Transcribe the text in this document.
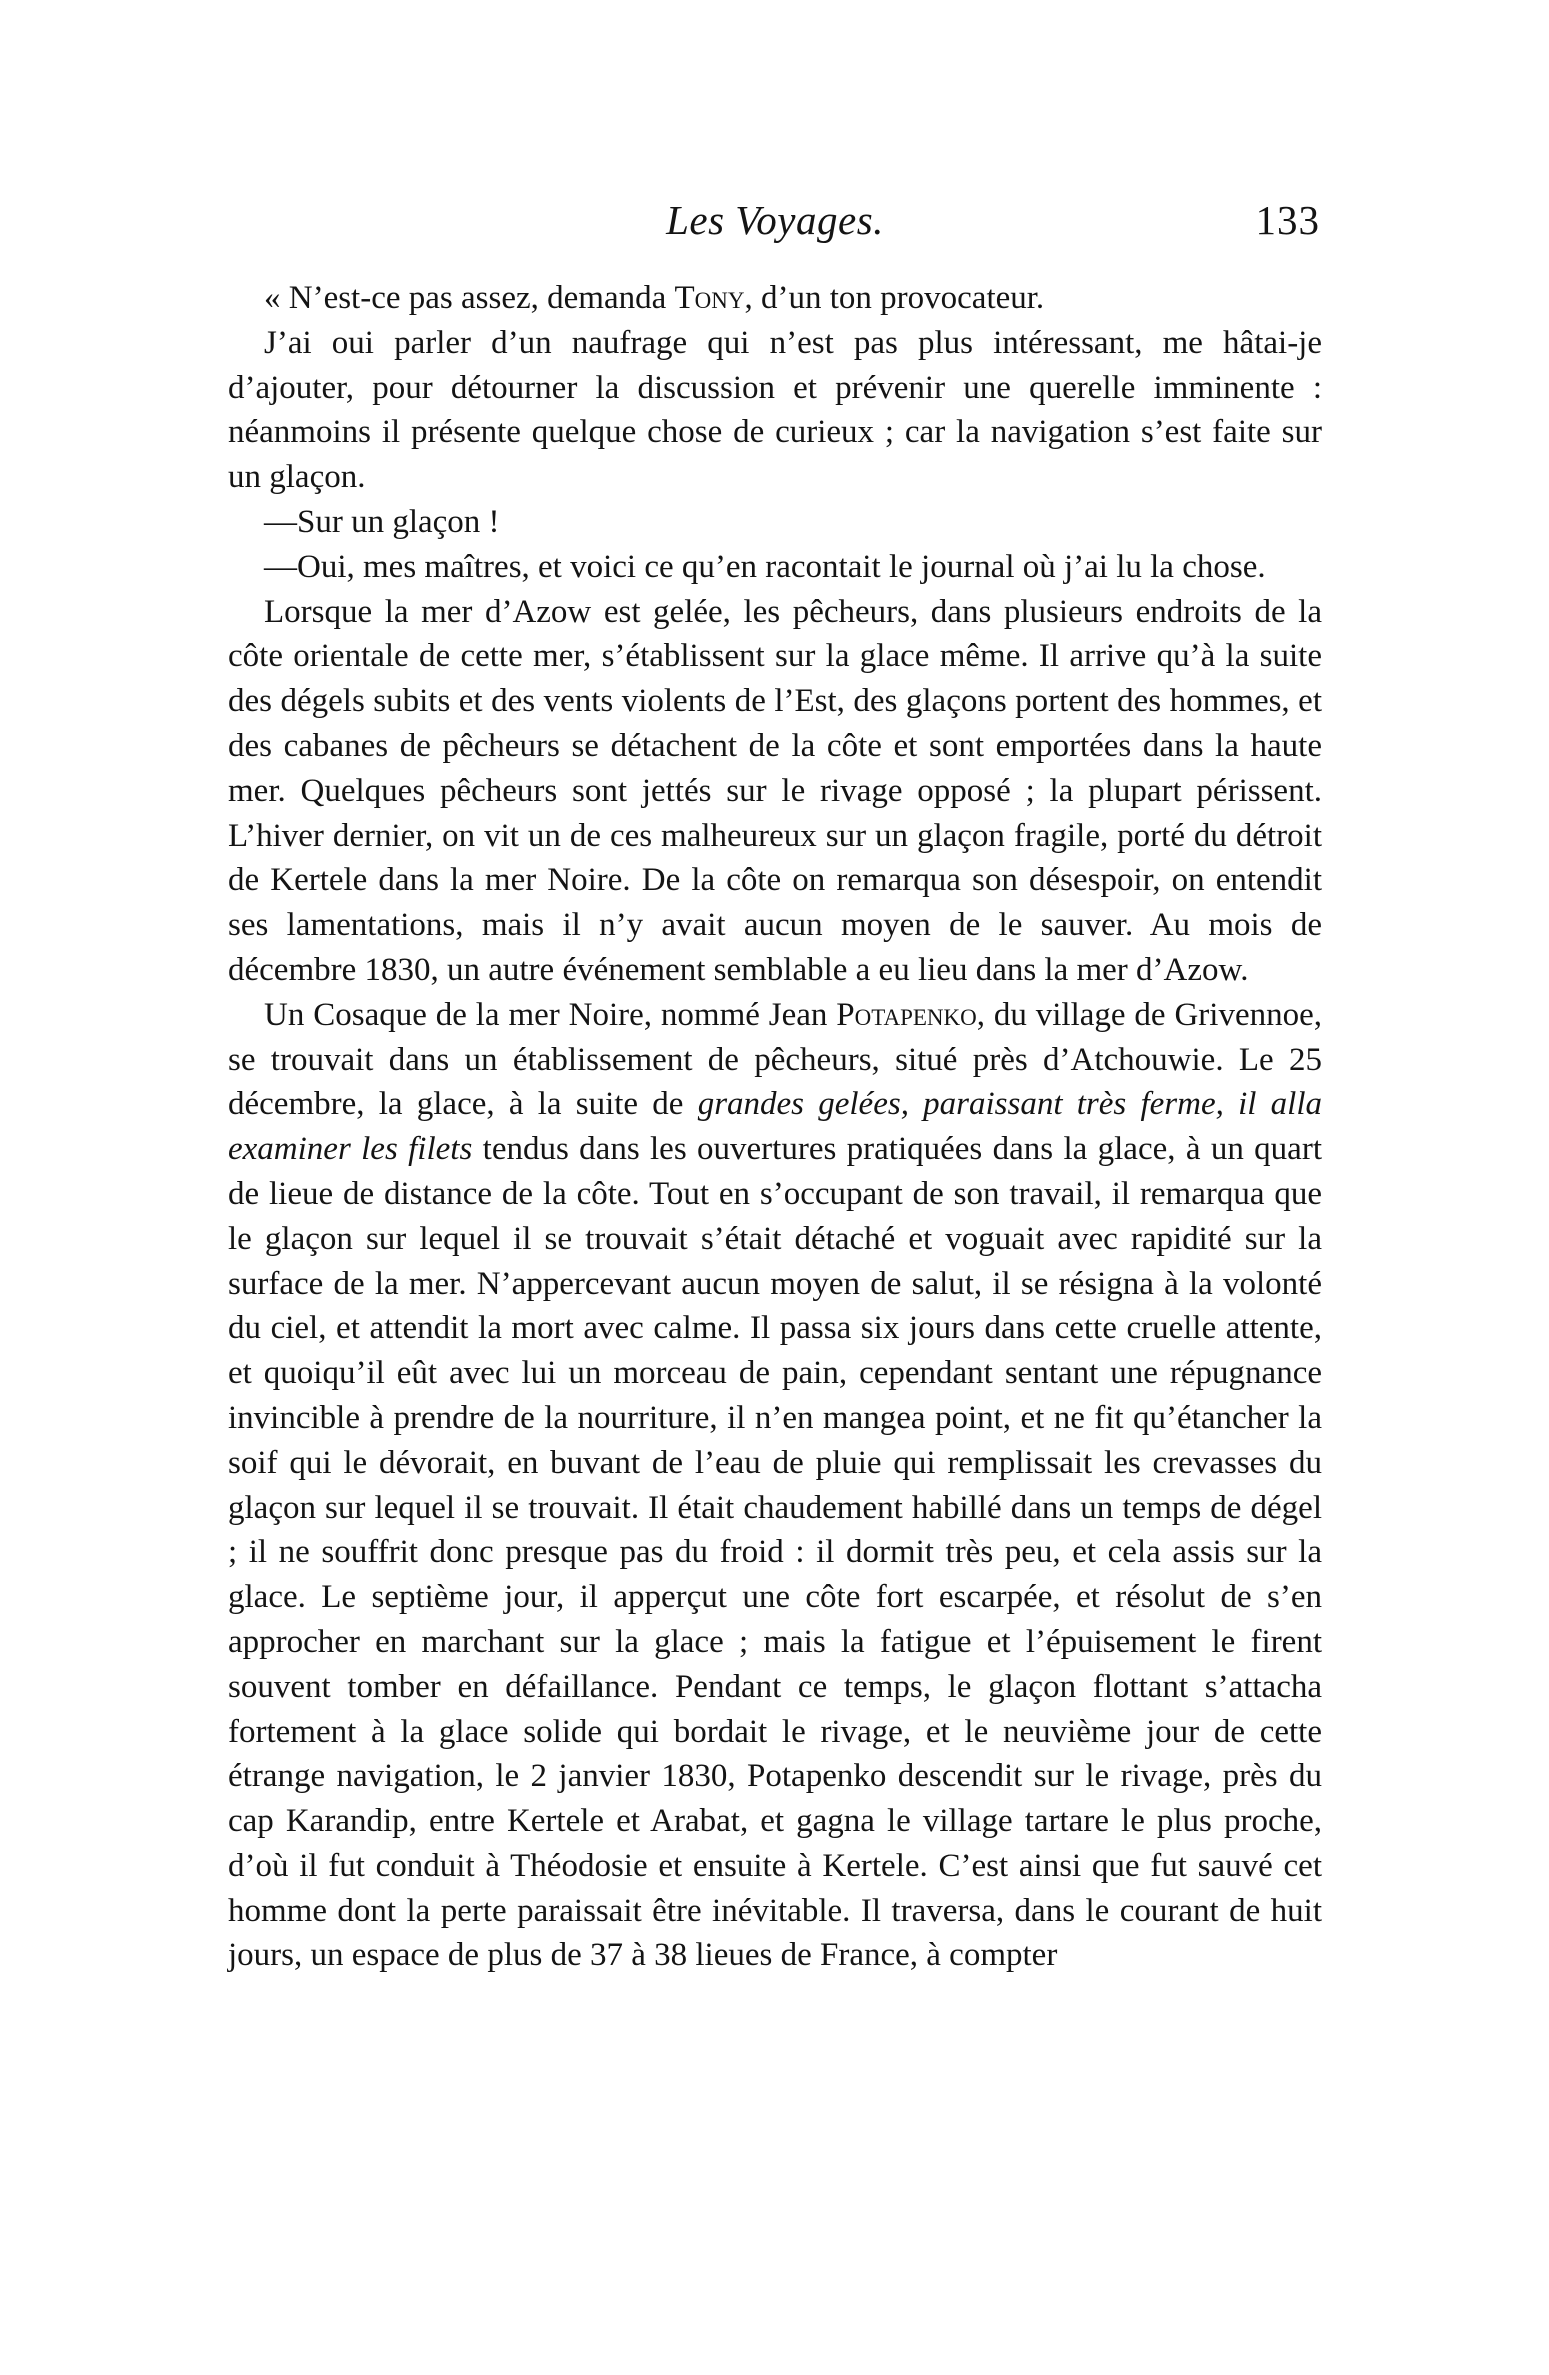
Les Voyages.	133

« N’est-ce pas assez, demanda Tony, d’un ton provocateur.

J’ai oui parler d’un naufrage qui n’est pas plus intéressant, me hâtai-je d’ajouter, pour détourner la discussion et prévenir une querelle imminente : néanmoins il présente quelque chose de curieux ; car la navigation s’est faite sur un glaçon.

—Sur un glaçon !

—Oui, mes maîtres, et voici ce qu’en racontait le journal où j’ai lu la chose.

Lorsque la mer d’Azow est gelée, les pêcheurs, dans plusieurs endroits de la côte orientale de cette mer, s’établissent sur la glace même. Il arrive qu’à la suite des dégels subits et des vents violents de l’Est, des glaçons portent des hommes, et des cabanes de pêcheurs se détachent de la côte et sont emportées dans la haute mer. Quelques pêcheurs sont jettés sur le rivage opposé ; la plupart périssent. L’hiver dernier, on vit un de ces malheureux sur un glaçon fragile, porté du détroit de Kertele dans la mer Noire. De la côte on remarqua son désespoir, on entendit ses lamentations, mais il n’y avait aucun moyen de le sauver. Au mois de décembre 1830, un autre événement semblable a eu lieu dans la mer d’Azow.

Un Cosaque de la mer Noire, nommé Jean Potapenko, du village de Grivennoe, se trouvait dans un établissement de pêcheurs, situé près d’Atchouwie. Le 25 décembre, la glace, à la suite de grandes gelées, paraissant très ferme, il alla examiner les filets tendus dans les ouvertures pratiquées dans la glace, à un quart de lieue de distance de la côte. Tout en s’occupant de son travail, il remarqua que le glaçon sur lequel il se trouvait s’était détaché et voguait avec rapidité sur la surface de la mer. N’appercevant aucun moyen de salut, il se résigna à la volonté du ciel, et attendit la mort avec calme. Il passa six jours dans cette cruelle attente, et quoiqu’il eût avec lui un morceau de pain, cependant sentant une répugnance invincible à prendre de la nourriture, il n’en mangea point, et ne fit qu’étancher la soif qui le dévorait, en buvant de l’eau de pluie qui remplissait les crevasses du glaçon sur lequel il se trouvait. Il était chaudement habillé dans un temps de dégel ; il ne souffrit donc presque pas du froid : il dormit très peu, et cela assis sur la glace. Le septième jour, il apperçut une côte fort escarpée, et résolut de s’en approcher en marchant sur la glace ; mais la fatigue et l’épuisement le firent souvent tomber en défaillance. Pendant ce temps, le glaçon flottant s’attacha fortement à la glace solide qui bordait le rivage, et le neuvième jour de cette étrange navigation, le 2 janvier 1830, Potapenko descendit sur le rivage, près du cap Karandip, entre Kertele et Arabat, et gagna le village tartare le plus proche, d’où il fut conduit à Théodosie et ensuite à Kertele. C’est ainsi que fut sauvé cet homme dont la perte paraissait être inévitable. Il traversa, dans le courant de huit jours, un espace de plus de 37 à 38 lieues de France, à compter
